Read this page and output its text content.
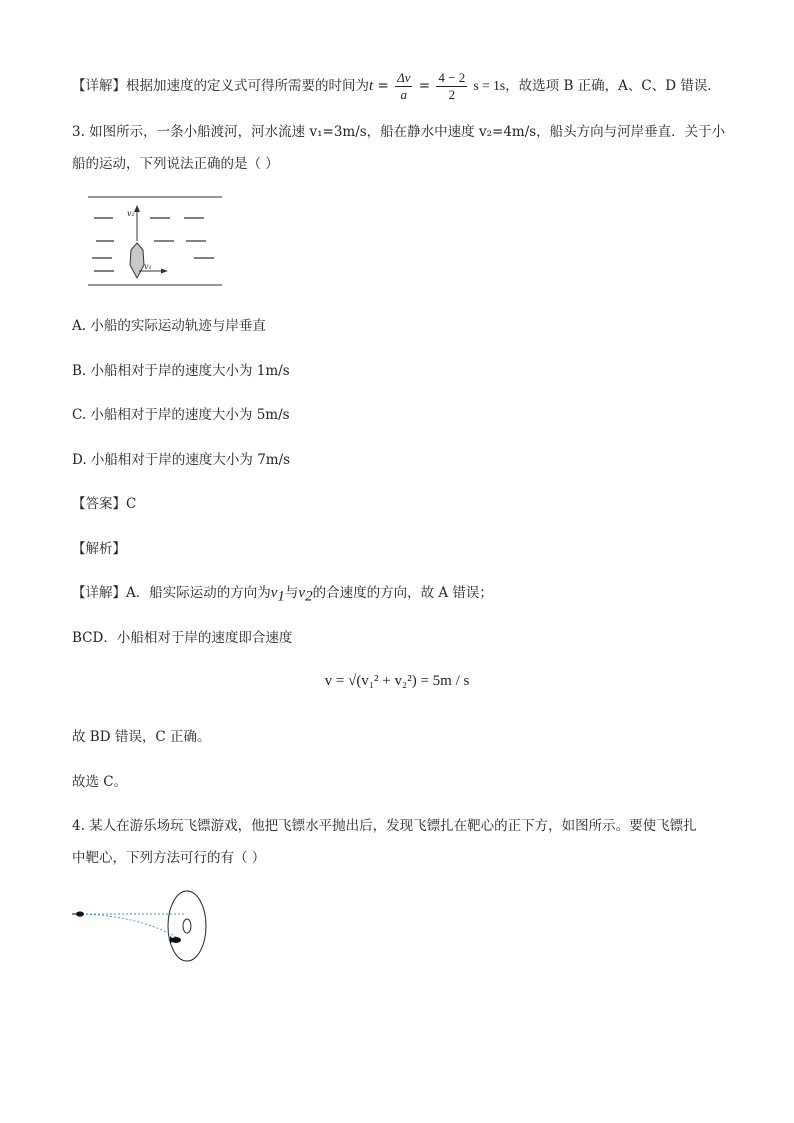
【详解】根据加速度的定义式可得所需要的时间为$t = \frac{\Delta v}{a} = \frac{4 - 2}{2}$ s = 1s，故选项 B 正确，A、C、D 错误．
3. 如图所示，一条小船渡河，河水流速 v₁=3m/s，船在静水中速度 v₂=4m/s，船头方向与河岸垂直．关于小
船的运动，下列说法正确的是（ ）
v₂
v₁
A. 小船的实际运动轨迹与岸垂直
B. 小船相对于岸的速度大小为 1m/s
C. 小船相对于岸的速度大小为 5m/s
D. 小船相对于岸的速度大小为 7m/s
【答案】C
【解析】
【详解】A．船实际运动的方向为$v_1$与$v_2$的合速度的方向，故 A 错误；
BCD．小船相对于岸的速度即合速度
v = √(v₁² + v₂²) = 5m / s
故 BD 错误，C 正确。
故选 C。
4. 某人在游乐场玩飞镖游戏，他把飞镖水平抛出后，发现飞镖扎在靶心的正下方，如图所示。要使飞镖扎
中靶心，下列方法可行的有（ ）
